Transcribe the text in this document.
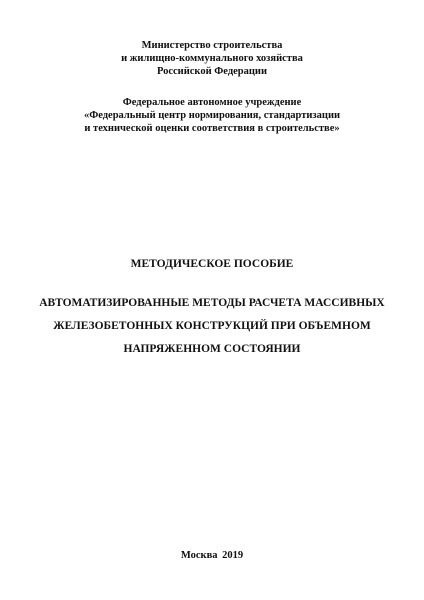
Министерство строительства
и жилищно-коммунального хозяйства
Российской Федерации
Федеральное автономное учреждение
«Федеральный центр нормирования, стандартизации
и технической оценки соответствия в строительстве»
МЕТОДИЧЕСКОЕ ПОСОБИЕ
АВТОМАТИЗИРОВАННЫЕ МЕТОДЫ РАСЧЕТА МАССИВНЫХ
ЖЕЛЕЗОБЕТОННЫХ КОНСТРУКЦИЙ ПРИ ОБЪЕМНОМ
НАПРЯЖЕННОМ СОСТОЯНИИ
Москва 2019
